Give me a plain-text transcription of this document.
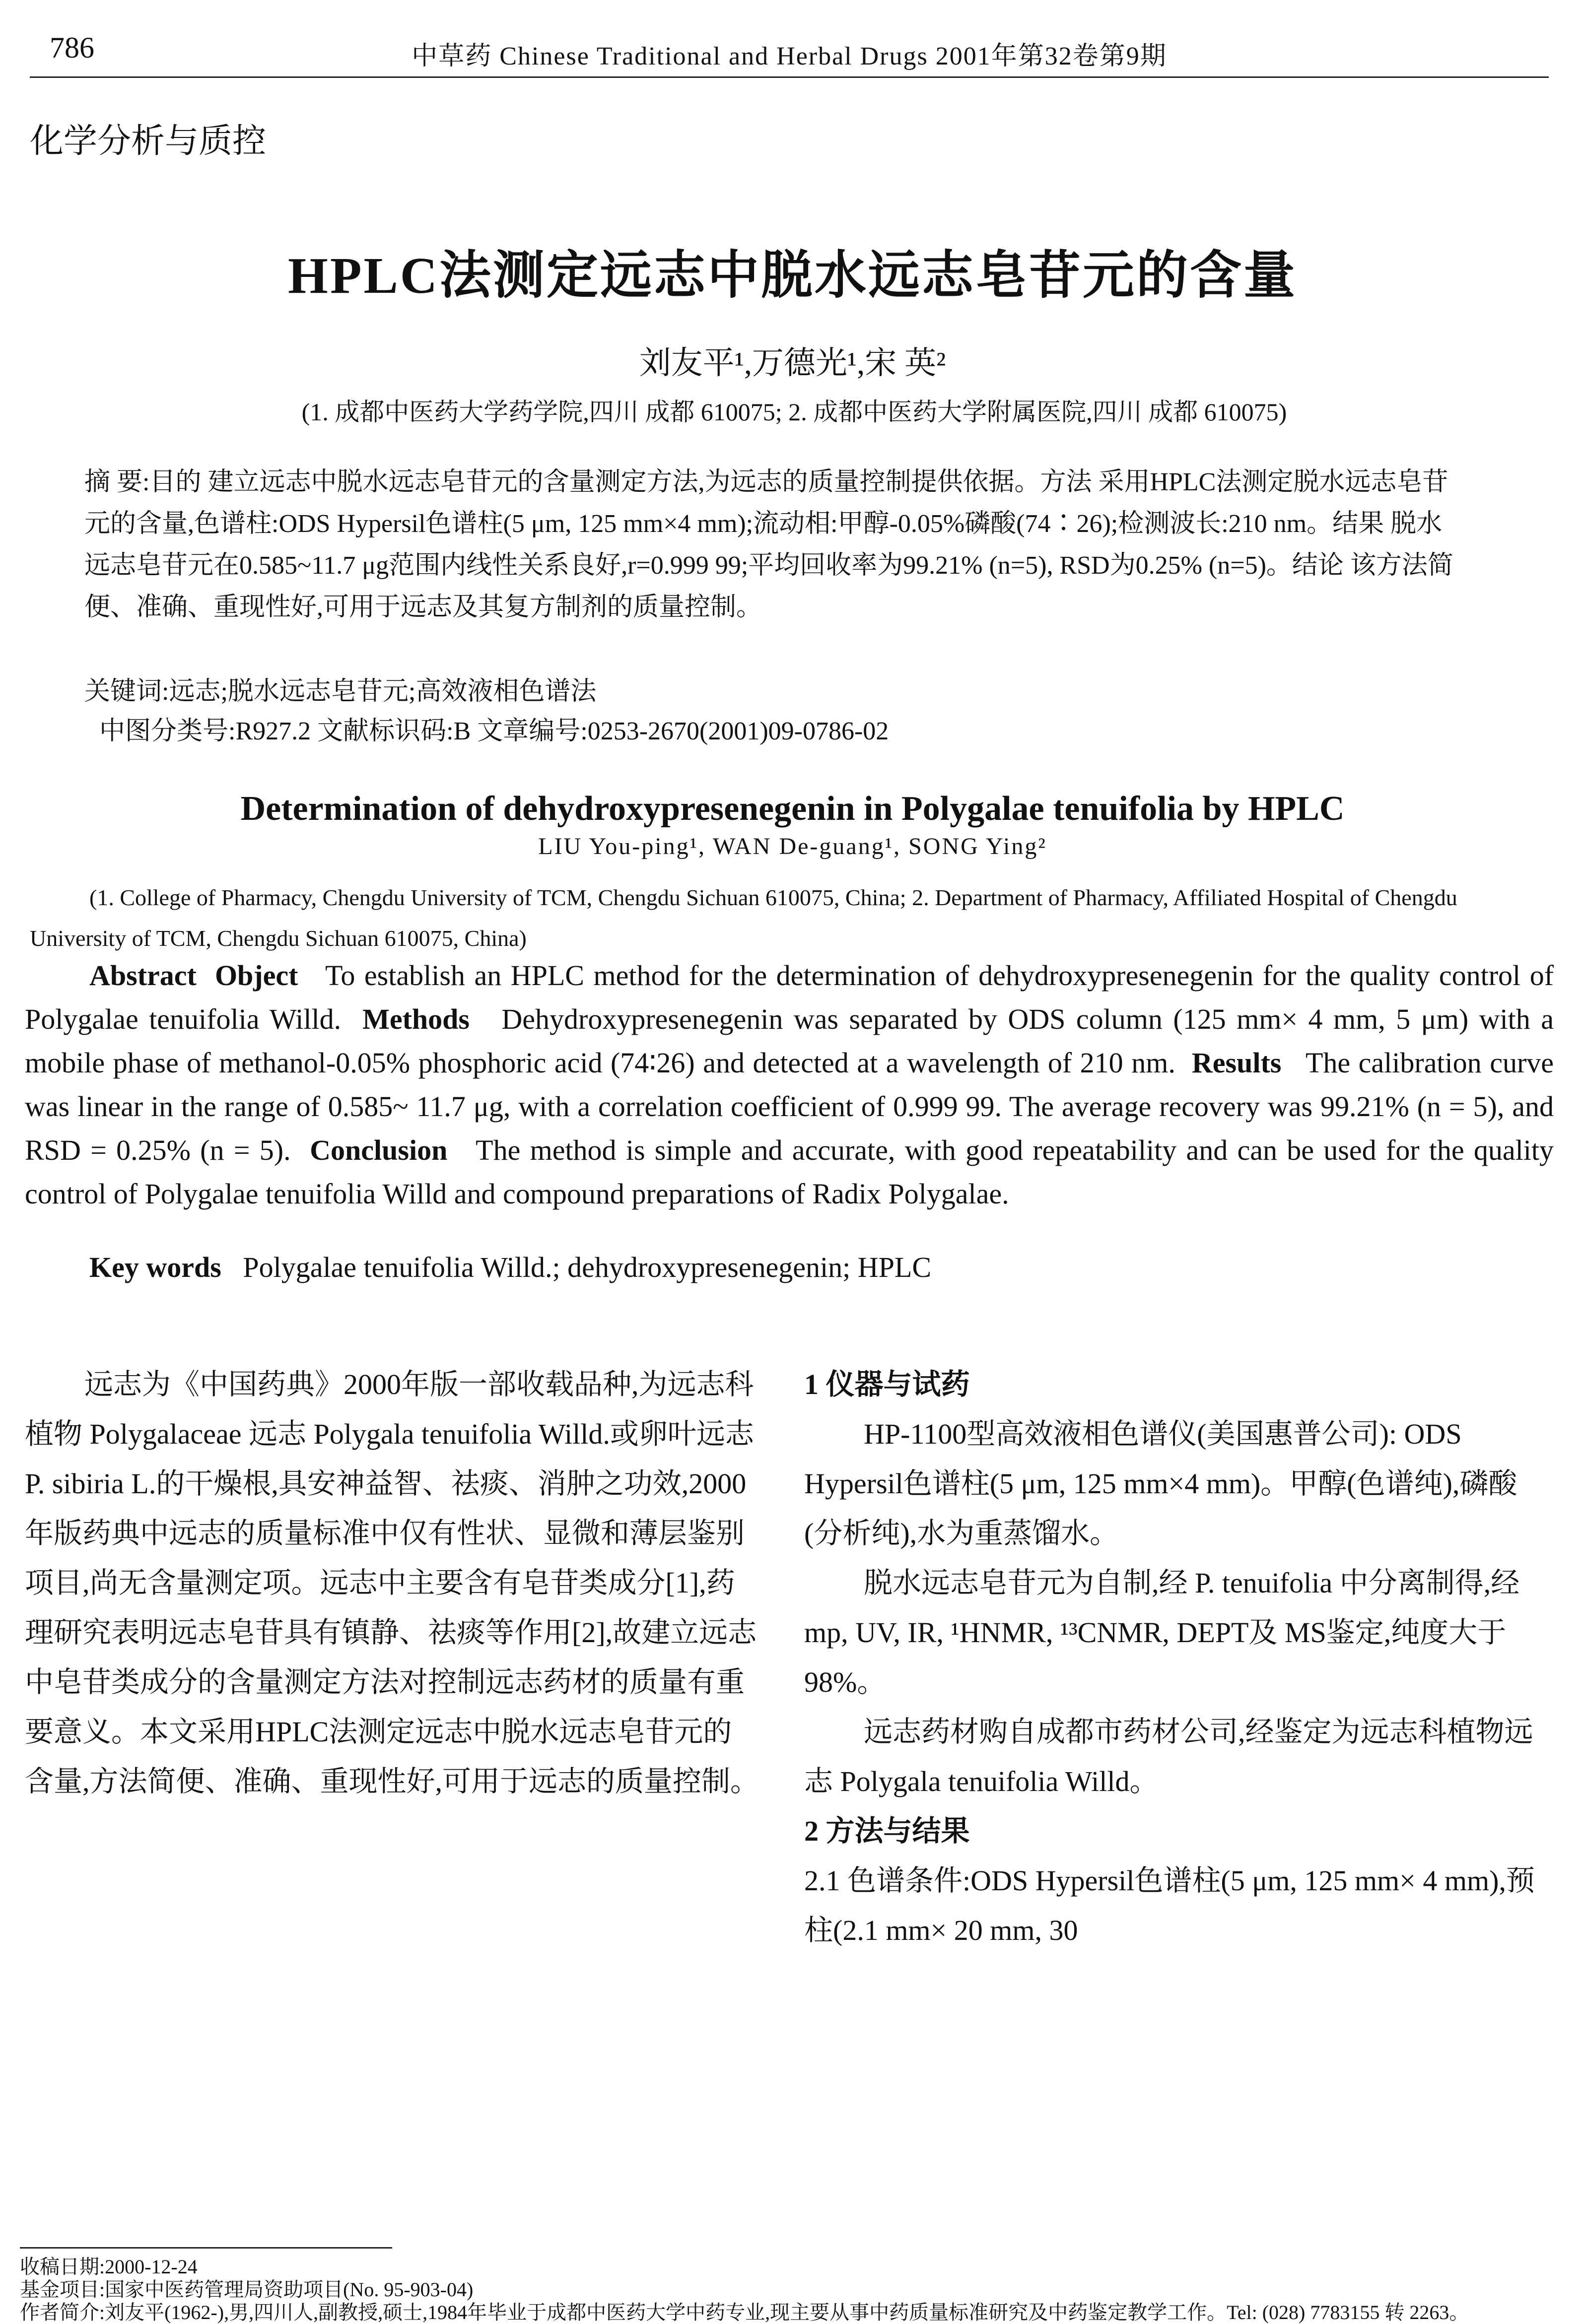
786	中草药 Chinese Traditional and Herbal Drugs 2001年第32卷第9期
化学分析与质控
HPLC法测定远志中脱水远志皂苷元的含量
刘友平¹,万德光¹,宋 英²
(1. 成都中医药大学药学院,四川 成都 610075; 2. 成都中医药大学附属医院,四川 成都 610075)
摘 要:目的 建立远志中脱水远志皂苷元的含量测定方法,为远志的质量控制提供依据。方法 采用HPLC法测定脱水远志皂苷元的含量,色谱柱:ODS Hypersil色谱柱(5 μm, 125 mm×4 mm);流动相:甲醇-0.05%磷酸(74∶26);检测波长:210 nm。结果 脱水远志皂苷元在0.585~11.7 μg范围内线性关系良好,r=0.999 99;平均回收率为99.21% (n=5), RSD为0.25% (n=5)。结论 该方法简便、准确、重现性好,可用于远志及其复方制剂的质量控制。
关键词:远志;脱水远志皂苷元;高效液相色谱法
中图分类号:R927.2 文献标识码:B 文章编号:0253-2670(2001)09-0786-02
Determination of dehydroxypresenegenin in Polygalae tenuifolia by HPLC
LIU You-ping¹, WAN De-guang¹, SONG Ying²
(1. College of Pharmacy, Chengdu University of TCM, Chengdu Sichuan 610075, China; 2. Department of Pharmacy, Affiliated Hospital of Chengdu University of TCM, Chengdu Sichuan 610075, China)
Abstract Object To establish an HPLC method for the determination of dehydroxypresenegenin for the quality control of Polygalae tenuifolia Willd. Methods Dehydroxypresenegenin was separated by ODS column (125 mm× 4 mm, 5 μm) with a mobile phase of methanol-0.05% phosphoric acid (74∶26) and detected at a wavelength of 210 nm. Results The calibration curve was linear in the range of 0.585~ 11.7 μg, with a correlation coefficient of 0.999 99. The average recovery was 99.21% (n = 5), and RSD = 0.25% (n = 5). Conclusion The method is simple and accurate, with good repeatability and can be used for the quality control of Polygalae tenuifolia Willd and compound preparations of Radix Polygalae.
Key words Polygalae tenuifolia Willd.; dehydroxypresenegenin; HPLC

远志为《中国药典》2000年版一部收载品种,为远志科植物 Polygalaceae 远志 Polygala tenuifolia Willd.或卵叶远志 P. sibiria L.的干燥根,具安神益智、祛痰、消肿之功效,2000年版药典中远志的质量标准中仅有性状、显微和薄层鉴别项目,尚无含量测定项。远志中主要含有皂苷类成分[1],药理研究表明远志皂苷具有镇静、祛痰等作用[2],故建立远志中皂苷类成分的含量测定方法对控制远志药材的质量有重要意义。本文采用HPLC法测定远志中脱水远志皂苷元的含量,方法简便、准确、重现性好,可用于远志的质量控制。

1 仪器与试药

HP-1100型高效液相色谱仪(美国惠普公司): ODS Hypersil色谱柱(5 μm, 125 mm×4 mm)。甲醇(色谱纯),磷酸(分析纯),水为重蒸馏水。

脱水远志皂苷元为自制,经 P. tenuifolia 中分离制得,经 mp, UV, IR, ¹HNMR, ¹³CNMR, DEPT及 MS鉴定,纯度大于98%。

远志药材购自成都市药材公司,经鉴定为远志科植物远志 Polygala tenuifolia Willd。

2 方法与结果

2.1 色谱条件:ODS Hypersil色谱柱(5 μm, 125 mm× 4 mm),预柱(2.1 mm× 20 mm, 30

收稿日期:2000-12-24
基金项目:国家中医药管理局资助项目(No. 95-903-04)
作者简介:刘友平(1962-),男,四川人,副教授,硕士,1984年毕业于成都中医药大学中药专业,现主要从事中药质量标准研究及中药鉴定教学工作。Tel: (028) 7783155 转 2263。
